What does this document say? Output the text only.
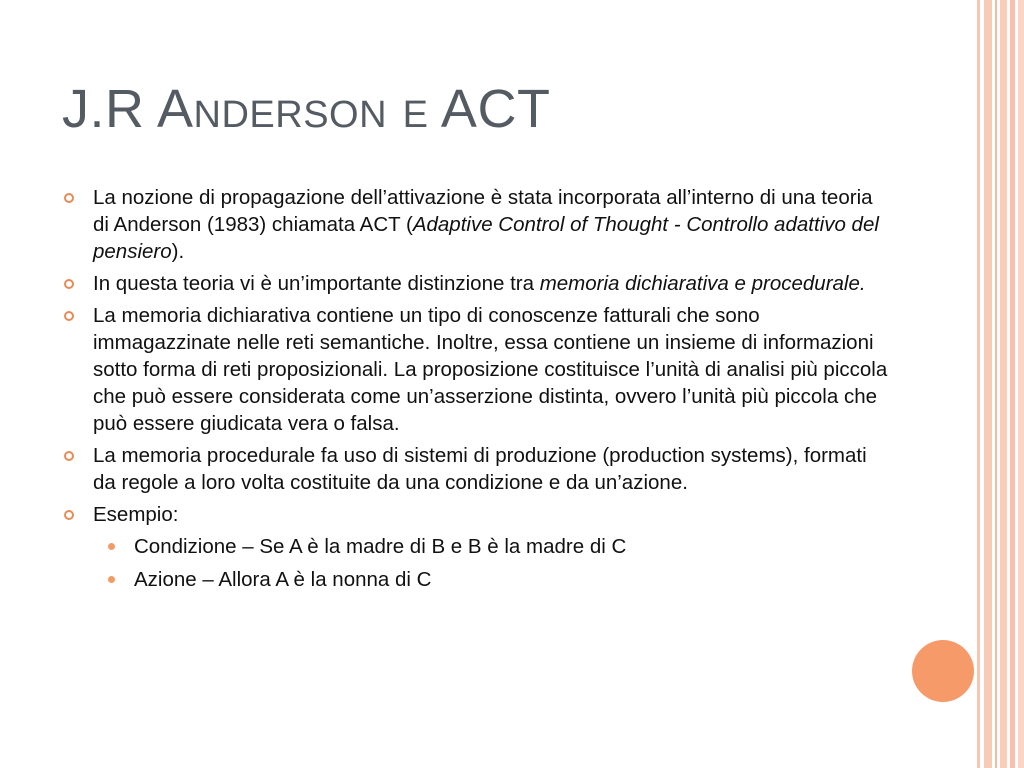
J.R Anderson e ACT
La nozione di propagazione dell’attivazione è stata incorporata all’interno di una teoria di Anderson (1983) chiamata ACT (Adaptive Control of Thought - Controllo adattivo del pensiero).
In questa teoria vi è un’importante distinzione tra memoria dichiarativa e procedurale.
La memoria dichiarativa contiene un tipo di conoscenze fatturali che sono immagazzinate nelle reti semantiche. Inoltre, essa contiene un insieme di informazioni sotto forma di reti proposizionali. La proposizione costituisce l’unità di analisi più piccola che può essere considerata come un’asserzione distinta, ovvero l’unità più piccola che può essere giudicata vera o falsa.
La memoria procedurale fa uso di sistemi di produzione (production systems), formati da regole a loro volta costituite da una condizione e da un’azione.
Esempio:
Condizione – Se A è la madre di B e B è la madre di C
Azione – Allora A è la nonna di C
